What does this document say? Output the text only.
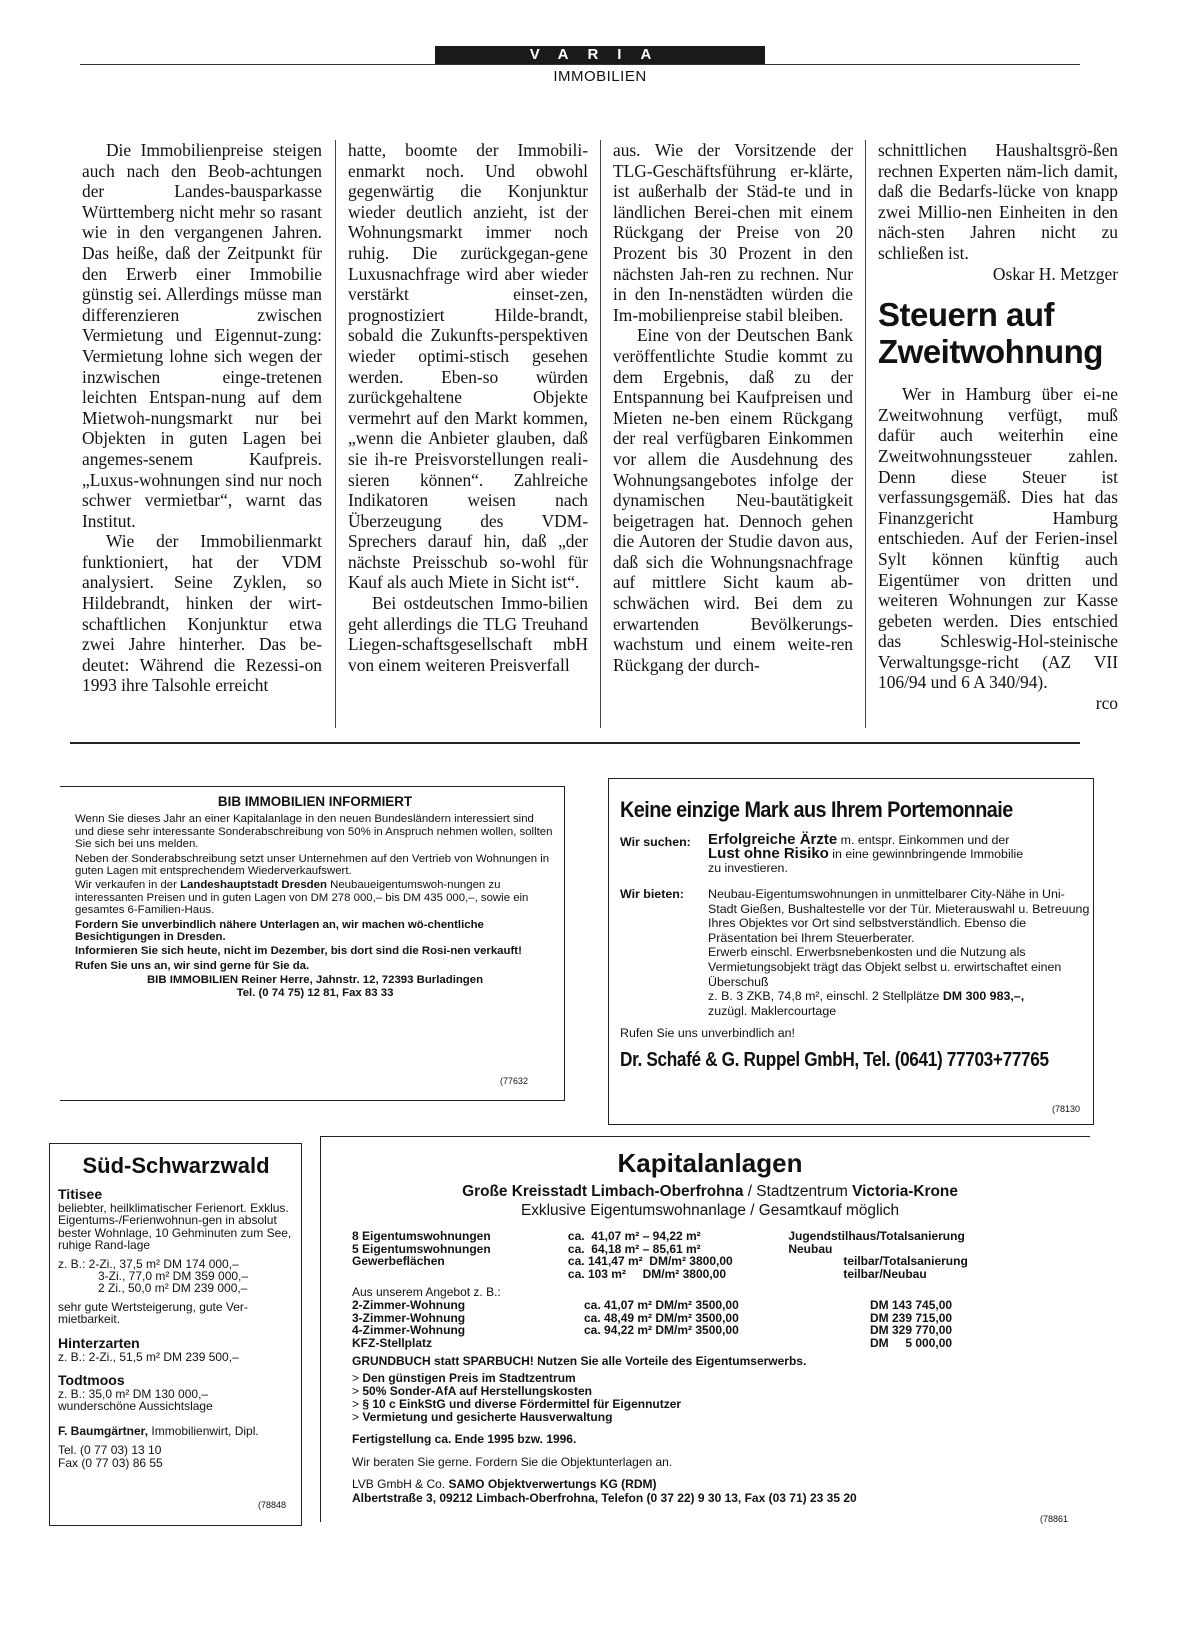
VARIA
IMMOBILIEN

Die Immobilienpreise steigen auch nach den Beob-achtungen der Landes-bausparkasse Württemberg nicht mehr so rasant wie in den vergangenen Jahren. Das heiße, daß der Zeitpunkt für den Erwerb einer Immobilie günstig sei. Allerdings müsse man differenzieren zwischen Vermietung und Eigennut-zung: Vermietung lohne sich wegen der inzwischen einge-tretenen leichten Entspan-nung auf dem Mietwoh-nungsmarkt nur bei Objekten in guten Lagen bei angemes-senem Kaufpreis. „Luxus-wohnungen sind nur noch schwer vermietbar“, warnt das Institut.

Wie der Immobilienmarkt funktioniert, hat der VDM analysiert. Seine Zyklen, so Hildebrandt, hinken der wirt-schaftlichen Konjunktur etwa zwei Jahre hinterher. Das be-deutet: Während die Rezessi-on 1993 ihre Talsohle erreicht

hatte, boomte der Immobili-enmarkt noch. Und obwohl gegenwärtig die Konjunktur wieder deutlich anzieht, ist der Wohnungsmarkt immer noch ruhig. Die zurückgegan-gene Luxusnachfrage wird aber wieder verstärkt einset-zen, prognostiziert Hilde-brandt, sobald die Zukunfts-perspektiven wieder optimi-stisch gesehen werden. Eben-so würden zurückgehaltene Objekte vermehrt auf den Markt kommen, „wenn die Anbieter glauben, daß sie ih-re Preisvorstellungen reali-sieren können“. Zahlreiche Indikatoren weisen nach Überzeugung des VDM-Sprechers darauf hin, daß „der nächste Preisschub so-wohl für Kauf als auch Miete in Sicht ist“.

Bei ostdeutschen Immo-bilien geht allerdings die TLG Treuhand Liegen-schaftsgesellschaft mbH von einem weiteren Preisverfall

aus. Wie der Vorsitzende der TLG-Geschäftsführung er-klärte, ist außerhalb der Städ-te und in ländlichen Berei-chen mit einem Rückgang der Preise von 20 Prozent bis 30 Prozent in den nächsten Jah-ren zu rechnen. Nur in den In-nenstädten würden die Im-mobilienpreise stabil bleiben.

Eine von der Deutschen Bank veröffentlichte Studie kommt zu dem Ergebnis, daß zu der Entspannung bei Kaufpreisen und Mieten ne-ben einem Rückgang der real verfügbaren Einkommen vor allem die Ausdehnung des Wohnungsangebotes infolge der dynamischen Neu-bautätigkeit beigetragen hat. Dennoch gehen die Autoren der Studie davon aus, daß sich die Wohnungsnachfrage auf mittlere Sicht kaum ab-schwächen wird. Bei dem zu erwartenden Bevölkerungs-wachstum und einem weite-ren Rückgang der durch-

schnittlichen Haushaltsgrö-ßen rechnen Experten näm-lich damit, daß die Bedarfs-lücke von knapp zwei Millio-nen Einheiten in den näch-sten Jahren nicht zu schließen ist.
Oskar H. Metzger

Steuern auf Zweitwohnung

Wer in Hamburg über ei-ne Zweitwohnung verfügt, muß dafür auch weiterhin eine Zweitwohnungssteuer zahlen. Denn diese Steuer ist verfassungsgemäß. Dies hat das Finanzgericht Hamburg entschieden. Auf der Ferien-insel Sylt können künftig auch Eigentümer von dritten und weiteren Wohnungen zur Kasse gebeten werden. Dies entschied das Schleswig-Hol-steinische Verwaltungsge-richt (AZ VII 106/94 und 6 A 340/94).
rco

BIB IMMOBILIEN INFORMIERT

Wenn Sie dieses Jahr an einer Kapitalanlage in den neuen Bundesländern interessiert sind und diese sehr interessante Sonderabschreibung von 50% in Anspruch nehmen wollen, sollten Sie sich bei uns melden.

Neben der Sonderabschreibung setzt unser Unternehmen auf den Vertrieb von Wohnungen in guten Lagen mit entsprechendem Wiederverkaufswert.

Wir verkaufen in der Landeshauptstadt Dresden Neubaueigentumswoh-nungen zu interessanten Preisen und in guten Lagen von DM 278 000,– bis DM 435 000,–, sowie ein gesamtes 6-Familien-Haus.

Fordern Sie unverbindlich nähere Unterlagen an, wir machen wö-chentliche Besichtigungen in Dresden.

Informieren Sie sich heute, nicht im Dezember, bis dort sind die Rosi-nen verkauft!

Rufen Sie uns an, wir sind gerne für Sie da.

BIB IMMOBILIEN Reiner Herre, Jahnstr. 12, 72393 Burladingen
Tel. (0 74 75) 12 81, Fax 83 33
(77632
Keine einzige Mark aus Ihrem Portemonnaie
Wir suchen: Erfolgreiche Ärzte m. entspr. Einkommen und der
Lust ohne Risiko in eine gewinnbringende Immobilie
zu investieren.
Wir bieten: Neubau-Eigentumswohnungen in unmittelbarer City-Nähe in Uni-Stadt Gießen, Bushaltestelle vor der Tür. Mieterauswahl u. Betreuung Ihres Objektes vor Ort sind selbstverständlich. Ebenso die Präsentation bei Ihrem Steuerberater.
Erwerb einschl. Erwerbsnebenkosten und die Nutzung als Vermietungsobjekt trägt das Objekt selbst u. erwirtschaftet einen Überschuß
z. B. 3 ZKB, 74,8 m², einschl. 2 Stellplätze DM 300 983,–,
zuzügl. Maklercourtage
Rufen Sie uns unverbindlich an!
Dr. Schafé & G. Ruppel GmbH, Tel. (0641) 77703+77765
(78130
Süd-Schwarzwald
Titisee
beliebter, heilklimatischer Ferienort. Exklus. Eigentums-/Ferienwohnun-gen in absolut bester Wohnlage, 10 Gehminuten zum See, ruhige Rand-lage
z. B.: 2-Zi., 37,5 m² DM 174 000,–
3-Zi., 77,0 m² DM 359 000,–
2 Zi., 50,0 m² DM 239 000,–
sehr gute Wertsteigerung, gute Ver-mietbarkeit.
Hinterzarten
z. B.: 2-Zi., 51,5 m² DM 239 500,–
Todtmoos
z. B.: 35,0 m² DM 130 000,–
wunderschöne Aussichtslage
F. Baumgärtner, Immobilienwirt, Dipl.
Tel. (0 77 03) 13 10
Fax (0 77 03) 86 55
(78848
Kapitalanlagen
Große Kreisstadt Limbach-Oberfrohna / Stadtzentrum Victoria-Krone
Exklusive Eigentumswohnanlage / Gesamtkauf möglich
8 Eigentumswohnungen	ca.  41,07 m² – 94,22 m²	Jugendstilhaus/Totalsanierung
5 Eigentumswohnungen	ca.  64,18 m² – 85,61 m²	Neubau
Gewerbeflächen	ca. 141,47 m²  DM/m² 3800,00	teilbar/Totalsanierung
	ca. 103 m²     DM/m² 3800,00	teilbar/Neubau
Aus unserem Angebot z. B.:
2-Zimmer-Wohnung	ca. 41,07 m² DM/m² 3500,00	DM 143 745,00
3-Zimmer-Wohnung	ca. 48,49 m² DM/m² 3500,00	DM 239 715,00
4-Zimmer-Wohnung	ca. 94,22 m² DM/m² 3500,00	DM 329 770,00
KFZ-Stellplatz		DM     5 000,00
GRUNDBUCH statt SPARBUCH! Nutzen Sie alle Vorteile des Eigentumserwerbs.
> Den günstigen Preis im Stadtzentrum
> 50% Sonder-AfA auf Herstellungskosten
> § 10 c EinkStG und diverse Fördermittel für Eigennutzer
> Vermietung und gesicherte Hausverwaltung
Fertigstellung ca. Ende 1995 bzw. 1996.
Wir beraten Sie gerne. Fordern Sie die Objektunterlagen an.
LVB GmbH & Co. SAMO Objektverwertungs KG (RDM)
Albertstraße 3, 09212 Limbach-Oberfrohna, Telefon (0 37 22) 9 30 13, Fax (03 71) 23 35 20
(78861
